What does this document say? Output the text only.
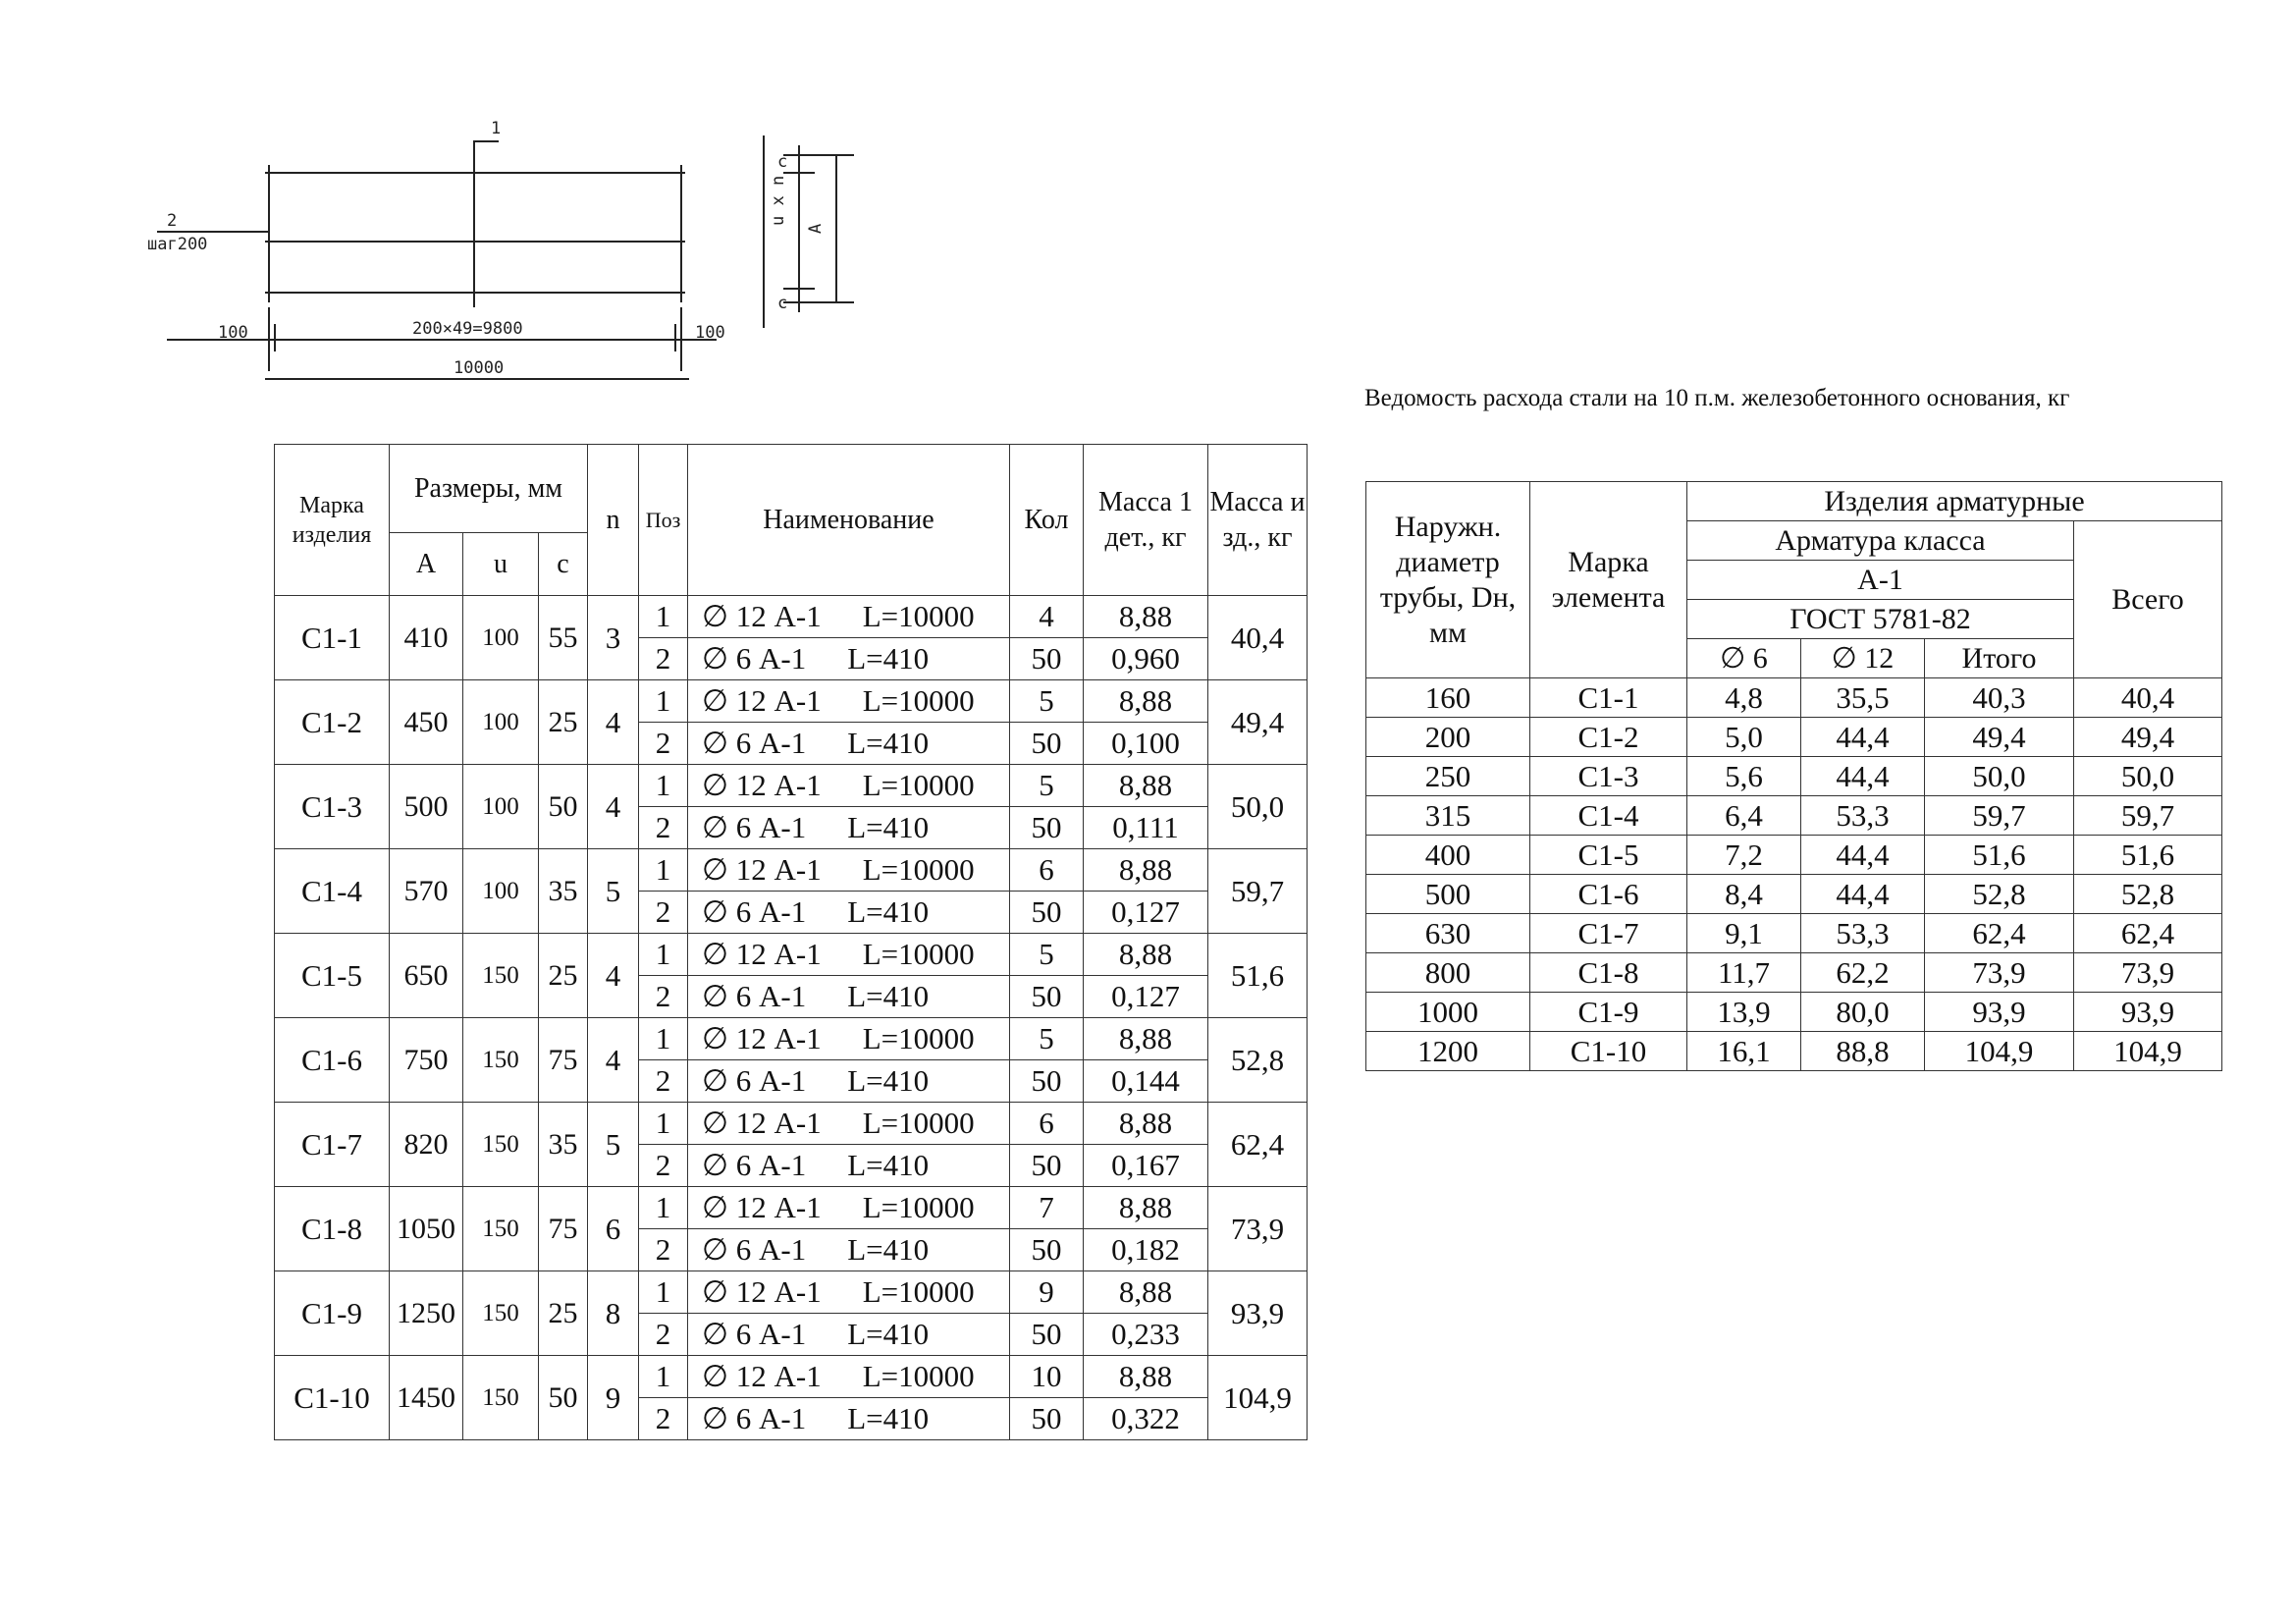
1
2
шаг200
100	200×49=9800	100
10000
c
u x n
c
A
Марка изделия	Размеры, мм			n	Поз	Наименование	Кол	Масса 1 дет., кг	Масса изд., кг
	A	u	c						
С1-1	410	100	55	3	1	∅ 12 А-1 L=10000	4	8,88	40,4
					2	∅ 6 А-1 L=410	50	0,960	
С1-2	450	100	25	4	1	∅ 12 А-1 L=10000	5	8,88	49,4
					2	∅ 6 А-1 L=410	50	0,100	
С1-3	500	100	50	4	1	∅ 12 А-1 L=10000	5	8,88	50,0
					2	∅ 6 А-1 L=410	50	0,111	
С1-4	570	100	35	5	1	∅ 12 А-1 L=10000	6	8,88	59,7
					2	∅ 6 А-1 L=410	50	0,127	
С1-5	650	150	25	4	1	∅ 12 А-1 L=10000	5	8,88	51,6
					2	∅ 6 А-1 L=410	50	0,127	
С1-6	750	150	75	4	1	∅ 12 А-1 L=10000	5	8,88	52,8
					2	∅ 6 А-1 L=410	50	0,144	
С1-7	820	150	35	5	1	∅ 12 А-1 L=10000	6	8,88	62,4
					2	∅ 6 А-1 L=410	50	0,167	
С1-8	1050	150	75	6	1	∅ 12 А-1 L=10000	7	8,88	73,9
					2	∅ 6 А-1 L=410	50	0,182	
С1-9	1250	150	25	8	1	∅ 12 А-1 L=10000	9	8,88	93,9
					2	∅ 6 А-1 L=410	50	0,233	
С1-10	1450	150	50	9	1	∅ 12 А-1 L=10000	10	8,88	104,9
					2	∅ 6 А-1 L=410	50	0,322	
Ведомость расхода стали на 10 п.м. железобетонного основания, кг
Наружн. диаметр трубы, Dн, мм	Марка элемента	Изделия арматурные			
		Арматура класса			Всего
		А-1			
		ГОСТ 5781-82			
		∅ 6	∅ 12	Итого	
160	С1-1	4,8	35,5	40,3	40,4
200	С1-2	5,0	44,4	49,4	49,4
250	С1-3	5,6	44,4	50,0	50,0
315	С1-4	6,4	53,3	59,7	59,7
400	С1-5	7,2	44,4	51,6	51,6
500	С1-6	8,4	44,4	52,8	52,8
630	С1-7	9,1	53,3	62,4	62,4
800	С1-8	11,7	62,2	73,9	73,9
1000	С1-9	13,9	80,0	93,9	93,9
1200	С1-10	16,1	88,8	104,9	104,9
